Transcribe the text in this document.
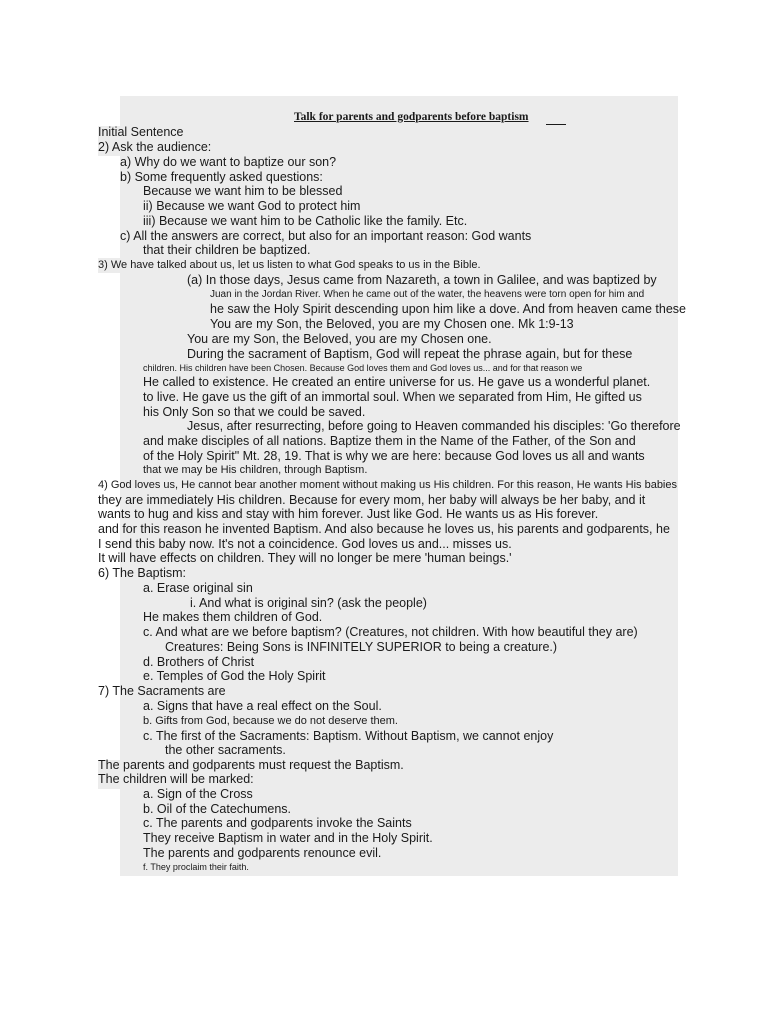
Talk for parents and godparents before baptism
Initial Sentence
2) Ask the audience:
a) Why do we want to baptize our son?
b) Some frequently asked questions:
Because we want him to be blessed
ii) Because we want God to protect him
iii) Because we want him to be Catholic like the family. Etc.
c) All the answers are correct, but also for an important reason: God wants
that their children be baptized.
3) We have talked about us, let us listen to what God speaks to us in the Bible.
(a) In those days, Jesus came from Nazareth, a town in Galilee, and was baptized by
Juan in the Jordan River. When he came out of the water, the heavens were torn open for him and
he saw the Holy Spirit descending upon him like a dove. And from heaven came these
You are my Son, the Beloved, you are my Chosen one. Mk 1:9-13
You are my Son, the Beloved, you are my Chosen one.
During the sacrament of Baptism, God will repeat the phrase again, but for these
children. His children have been Chosen. Because God loves them and God loves us... and for that reason we
He called to existence. He created an entire universe for us. He gave us a wonderful planet.
to live. He gave us the gift of an immortal soul. When we separated from Him, He gifted us
his Only Son so that we could be saved.
Jesus, after resurrecting, before going to Heaven commanded his disciples: 'Go therefore
and make disciples of all nations. Baptize them in the Name of the Father, of the Son and
of the Holy Spirit" Mt. 28, 19. That is why we are here: because God loves us all and wants
that we may be His children, through Baptism.
4) God loves us, He cannot bear another moment without making us His children. For this reason, He wants His babies
they are immediately His children. Because for every mom, her baby will always be her baby, and it
wants to hug and kiss and stay with him forever. Just like God. He wants us as His forever.
and for this reason he invented Baptism. And also because he loves us, his parents and godparents, he
I send this baby now. It's not a coincidence. God loves us and... misses us.
It will have effects on children. They will no longer be mere 'human beings.'
6) The Baptism:
a. Erase original sin
i. And what is original sin? (ask the people)
He makes them children of God.
c. And what are we before baptism? (Creatures, not children. With how beautiful they are)
Creatures: Being Sons is INFINITELY SUPERIOR to being a creature.)
d. Brothers of Christ
e. Temples of God the Holy Spirit
7) The Sacraments are
a. Signs that have a real effect on the Soul.
b. Gifts from God, because we do not deserve them.
c. The first of the Sacraments: Baptism. Without Baptism, we cannot enjoy
the other sacraments.
The parents and godparents must request the Baptism.
The children will be marked:
a. Sign of the Cross
b. Oil of the Catechumens.
c. The parents and godparents invoke the Saints
They receive Baptism in water and in the Holy Spirit.
The parents and godparents renounce evil.
f. They proclaim their faith.
